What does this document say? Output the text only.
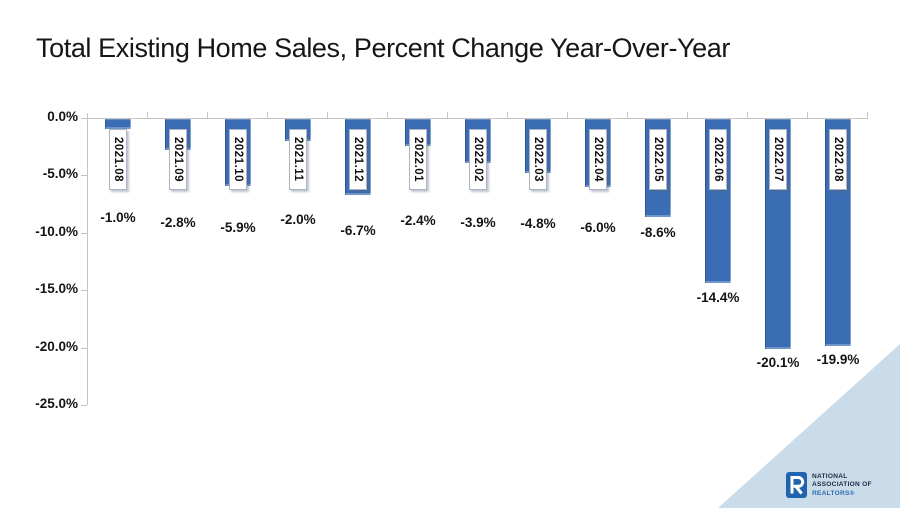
Total Existing Home Sales, Percent Change Year-Over-Year
0.0%
-5.0%
-10.0%
-15.0%
-20.0%
-25.0%
2021.08
-1.0%
2021.09
-2.8%
2021.10
-5.9%
2021.11
-2.0%
2021.12
-6.7%
2022.01
-2.4%
2022.02
-3.9%
2022.03
-4.8%
2022.04
-6.0%
2022.05
-8.6%
2022.06
-14.4%
2022.07
-20.1%
2022.08
-19.9%
NATIONAL
ASSOCIATION OF
REALTORS®
